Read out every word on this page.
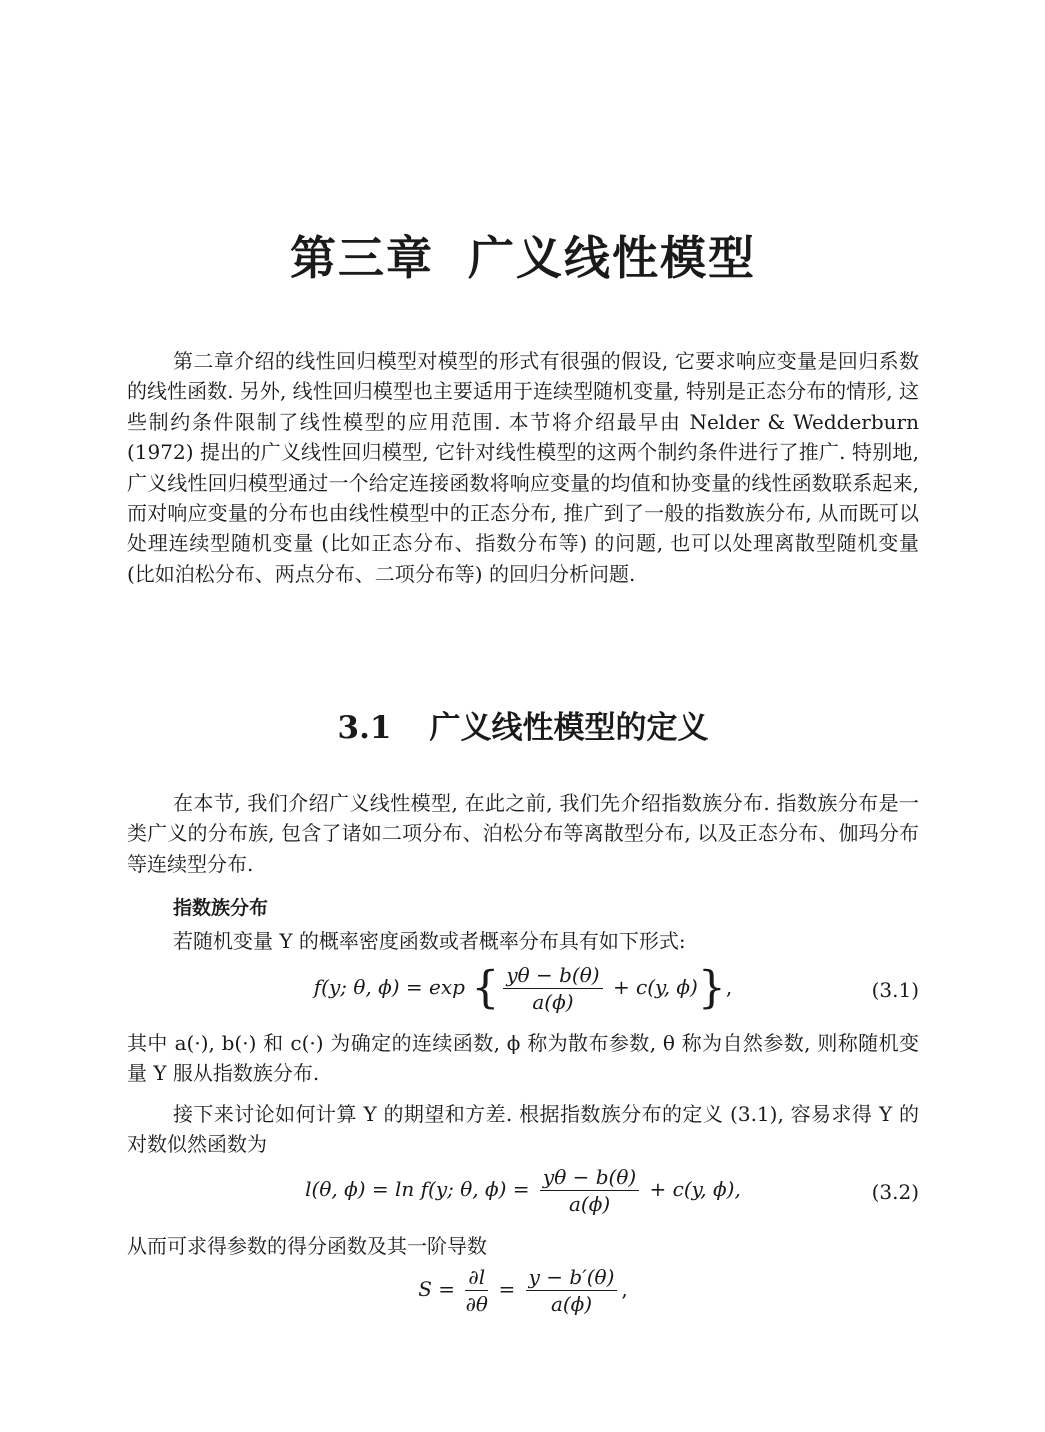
第三章 广义线性模型

第二章介绍的线性回归模型对模型的形式有很强的假设, 它要求响应变量是回归系数的线性函数. 另外, 线性回归模型也主要适用于连续型随机变量, 特别是正态分布的情形, 这些制约条件限制了线性模型的应用范围. 本节将介绍最早由 Nelder & Wedderburn (1972) 提出的广义线性回归模型, 它针对线性模型的这两个制约条件进行了推广. 特别地, 广义线性回归模型通过一个给定连接函数将响应变量的均值和协变量的线性函数联系起来, 而对响应变量的分布也由线性模型中的正态分布, 推广到了一般的指数族分布, 从而既可以处理连续型随机变量 (比如正态分布、指数分布等) 的问题, 也可以处理离散型随机变量 (比如泊松分布、两点分布、二项分布等) 的回归分析问题.

3.1 广义线性模型的定义

在本节, 我们介绍广义线性模型, 在此之前, 我们先介绍指数族分布. 指数族分布是一类广义的分布族, 包含了诸如二项分布、泊松分布等离散型分布, 以及正态分布、伽玛分布等连续型分布.

指数族分布

若随机变量 Y 的概率密度函数或者概率分布具有如下形式:

f(y; θ, ϕ) = exp { $\frac{y\theta - b(\theta)}{a(\phi)} + c(y$, ϕ)},	(3.1)

其中 a(·), b(·) 和 c(·) 为确定的连续函数, ϕ 称为散布参数, θ 称为自然参数, 则称随机变量 Y 服从指数族分布.

接下来讨论如何计算 Y 的期望和方差. 根据指数族分布的定义 (3.1), 容易求得 Y 的对数似然函数为

l(θ, ϕ) = ln f(y; θ, $\phi) = \frac{y\theta - b(\theta)}{a(\phi)} + c(y$, ϕ),	(3.2)

从而可求得参数的得分函数及其一阶导数

$S = \frac{\partial l}{\partial\theta} = \frac{y - b'(\theta)}{a(\phi)}$ ,
